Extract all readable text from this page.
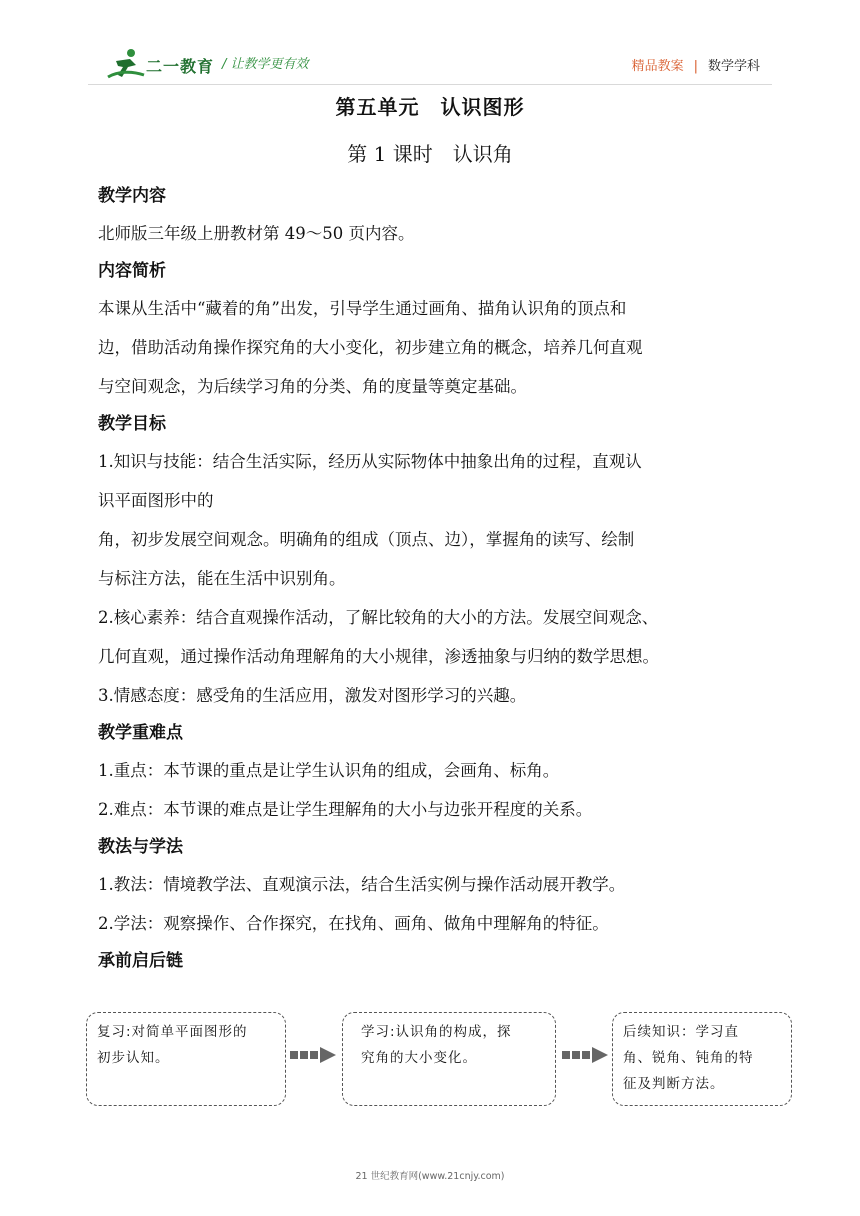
二一教育 / 让教学更有效	精品教案 | 数学学科
第五单元　认识图形
第 1 课时　认识角
教学内容
北师版三年级上册教材第 49～50 页内容。
内容简析
本课从生活中“藏着的角”出发，引导学生通过画角、描角认识角的顶点和
边，借助活动角操作探究角的大小变化，初步建立角的概念，培养几何直观
与空间观念，为后续学习角的分类、角的度量等奠定基础。
教学目标
1.知识与技能：结合生活实际，经历从实际物体中抽象出角的过程，直观认
识平面图形中的
角，初步发展空间观念。明确角的组成（顶点、边），掌握角的读写、绘制
与标注方法，能在生活中识别角。
2.核心素养：结合直观操作活动，了解比较角的大小的方法。发展空间观念、
几何直观，通过操作活动角理解角的大小规律，渗透抽象与归纳的数学思想。
3.情感态度：感受角的生活应用，激发对图形学习的兴趣。
教学重难点
1.重点：本节课的重点是让学生认识角的组成，会画角、标角。
2.难点：本节课的难点是让学生理解角的大小与边张开程度的关系。
教法与学法
1.教法：情境教学法、直观演示法，结合生活实例与操作活动展开教学。
2.学法：观察操作、合作探究，在找角、画角、做角中理解角的特征。
承前启后链
复习:对简单平面图形的
初步认知。
学习:认识角的构成，探
究角的大小变化。
后续知识：学习直
角、锐角、钝角的特
征及判断方法。
21 世纪教育网(www.21cnjy.com)
